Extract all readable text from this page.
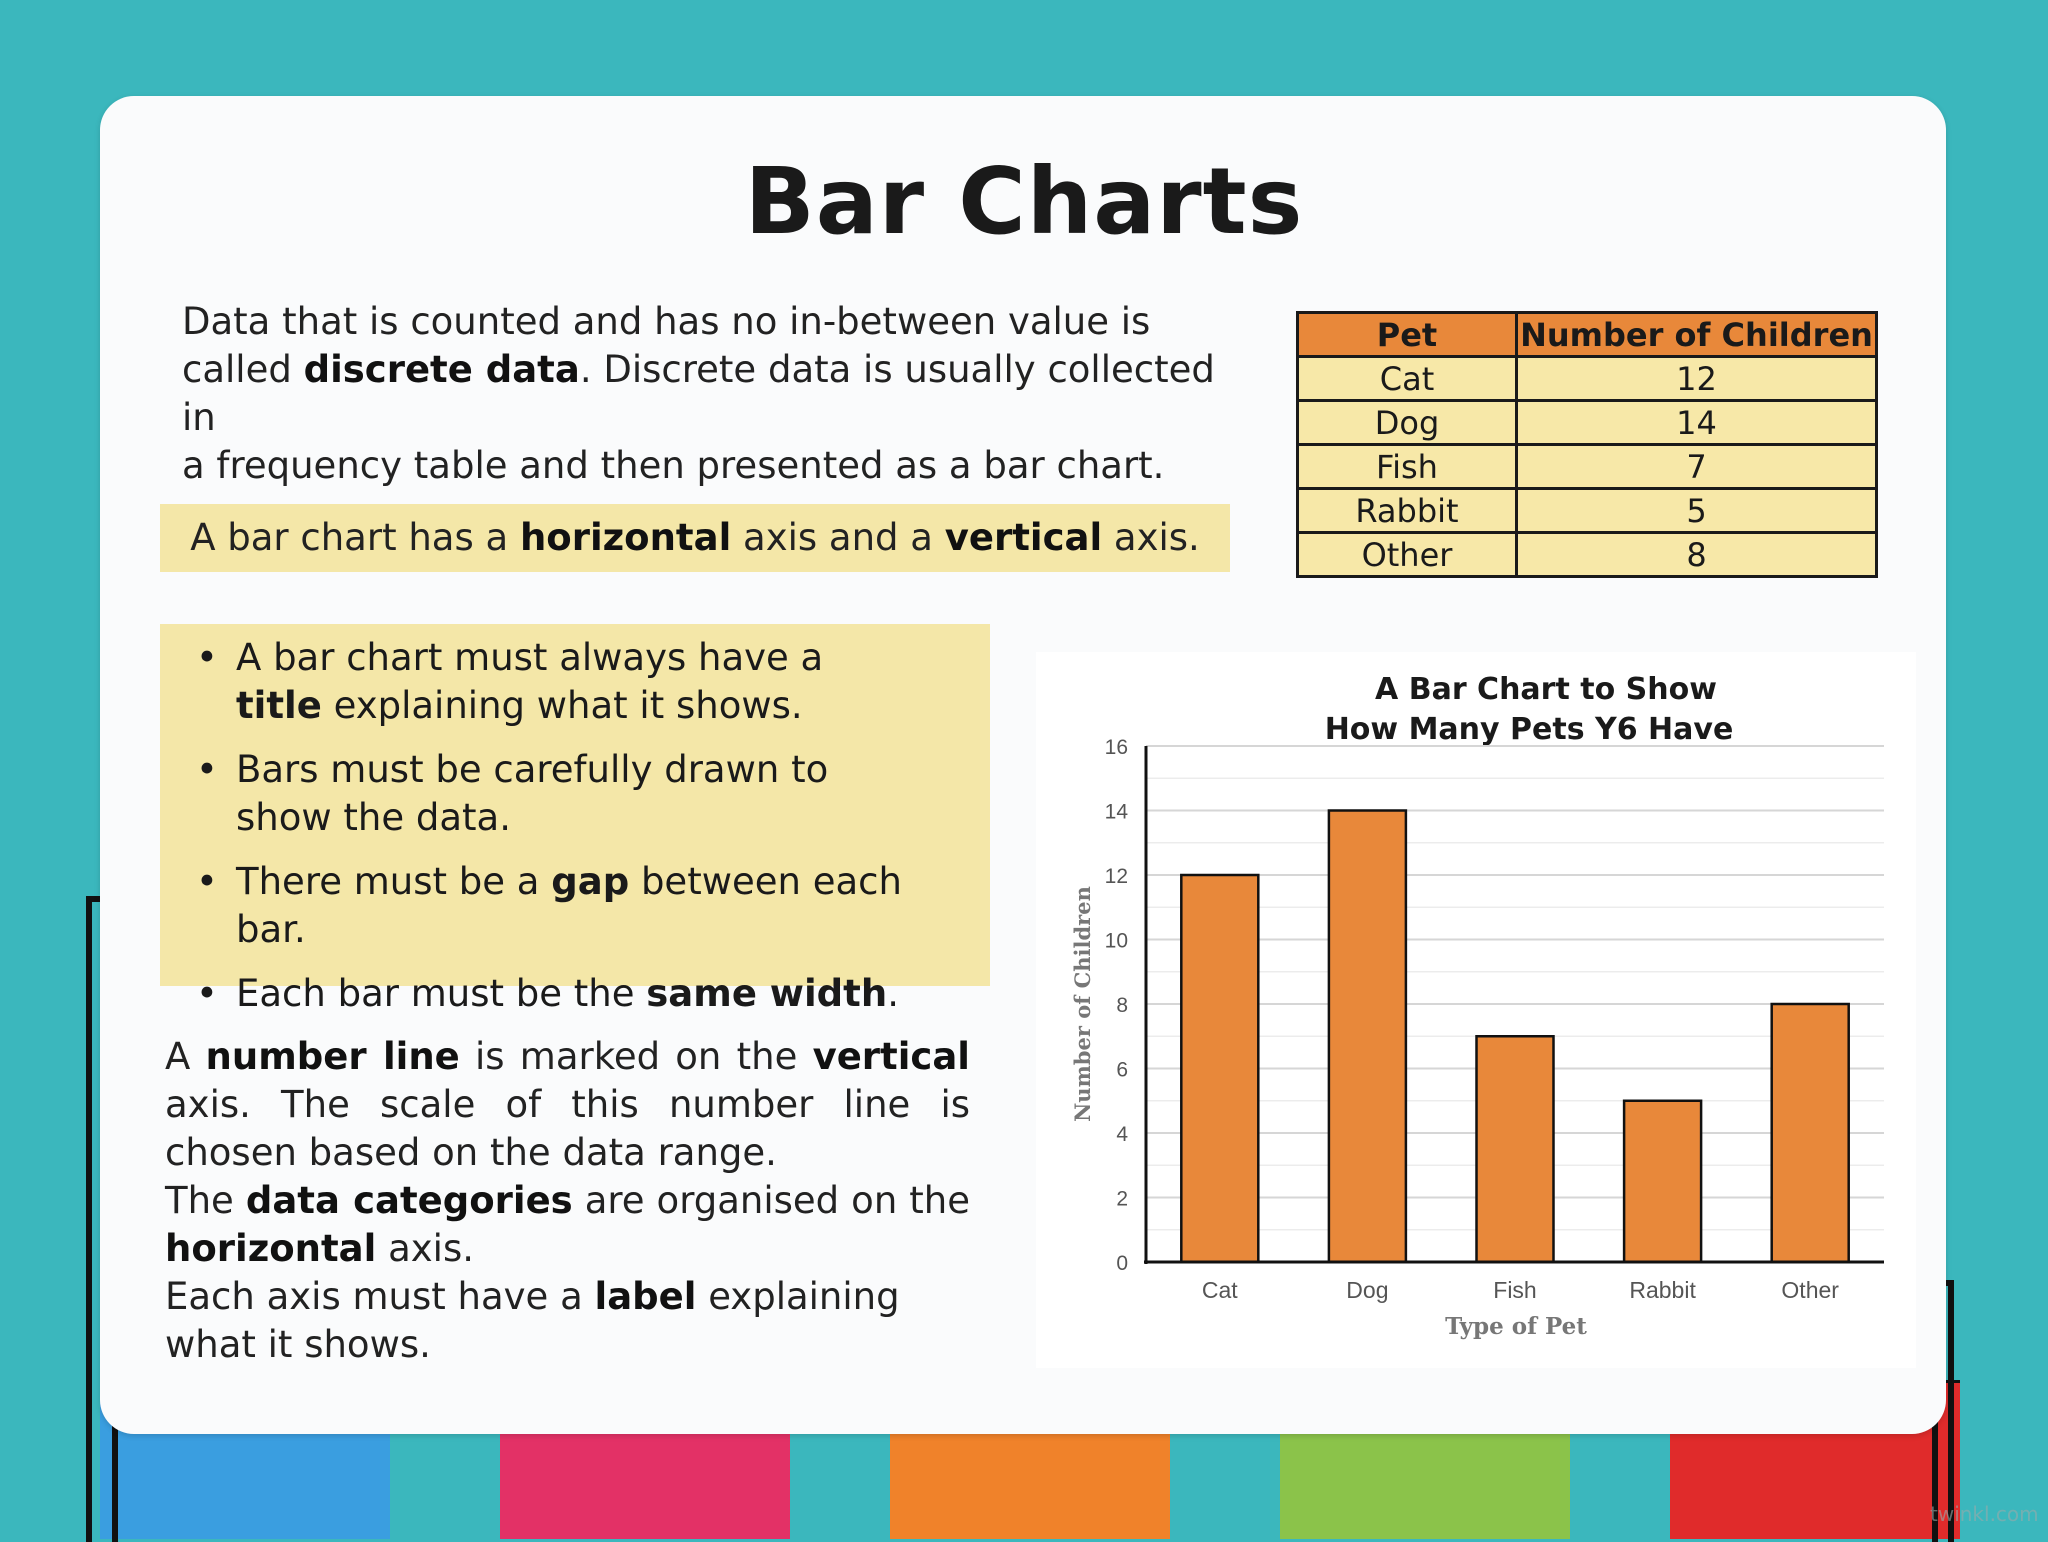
Bar Charts
Data that is counted and has no in-between value is
called discrete data. Discrete data is usually collected in
a frequency table and then presented as a bar chart.
A bar chart has a horizontal axis and a vertical axis.
• A bar chart must always have a title explaining what it shows.
• Bars must be carefully drawn to show the data.
• There must be a gap between each bar.
• Each bar must be the same width.
A number line is marked on the vertical axis. The scale of this number line is chosen based on the data range.
The data categories are organised on the horizontal axis.
Each axis must have a label explaining what it shows.
Pet	Number of Children
Cat	12
Dog	14
Fish	7
Rabbit	5
Other	8
A Bar Chart to Show
How Many Pets Y6 Have
0
2
4
6
8
10
12
14
16
Cat	Dog	Fish	Rabbit	Other
Type of Pet
Number of Children
twinkl.com
